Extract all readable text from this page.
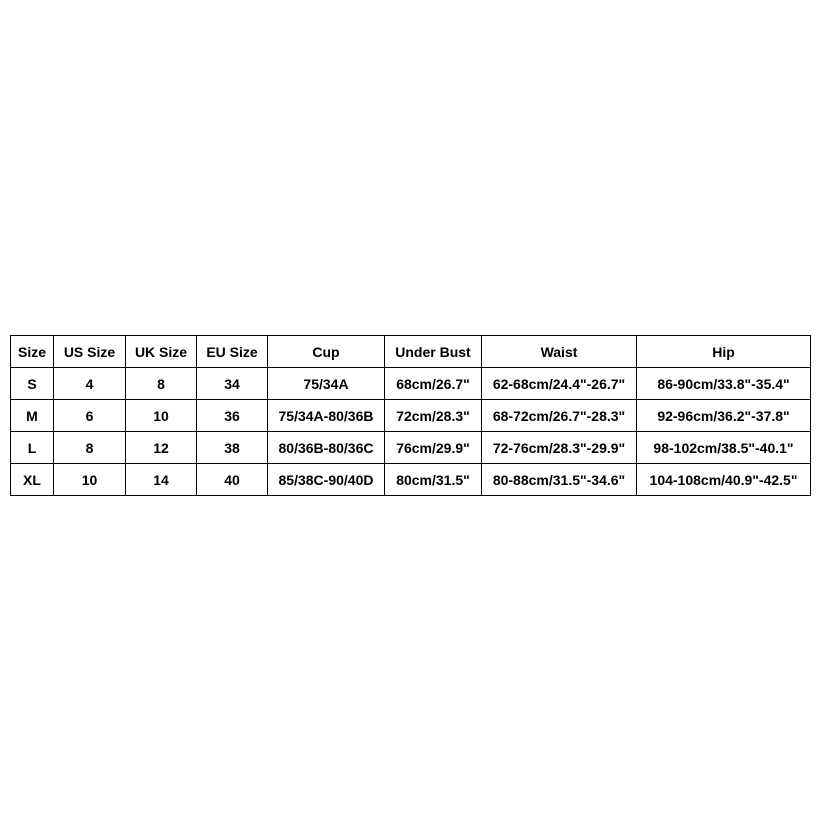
Size	US Size	UK Size	EU Size	Cup	Under Bust	Waist	Hip
S	4	8	34	75/34A	68cm/26.7"	62-68cm/24.4"-26.7"	86-90cm/33.8"-35.4"
M	6	10	36	75/34A-80/36B	72cm/28.3"	68-72cm/26.7"-28.3"	92-96cm/36.2"-37.8"
L	8	12	38	80/36B-80/36C	76cm/29.9"	72-76cm/28.3"-29.9"	98-102cm/38.5"-40.1"
XL	10	14	40	85/38C-90/40D	80cm/31.5"	80-88cm/31.5"-34.6"	104-108cm/40.9"-42.5"
